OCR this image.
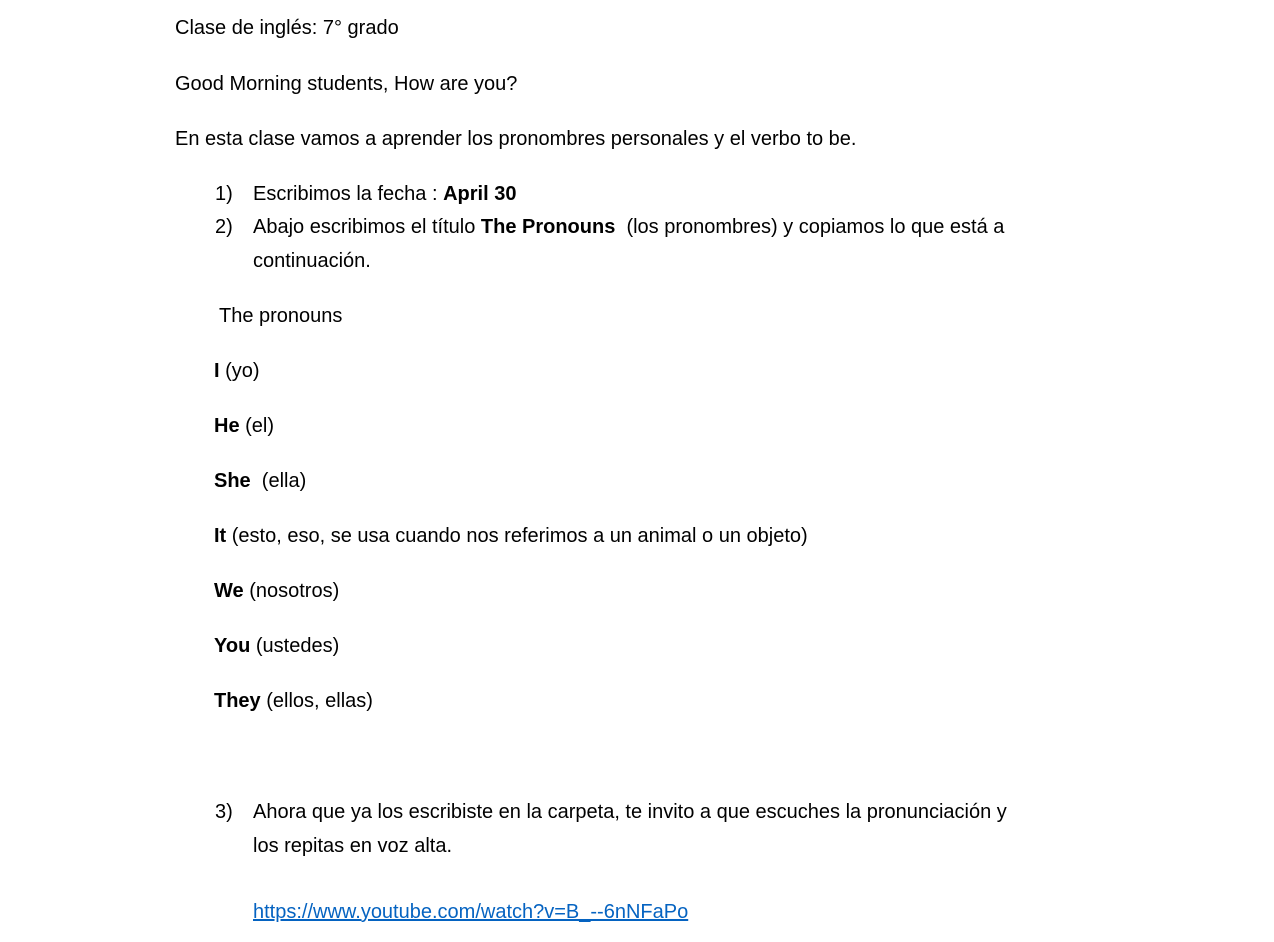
Clase de inglés: 7° grado
Good Morning students, How are you?
En esta clase vamos a aprender los pronombres personales y el verbo to be.
1) Escribimos la fecha : April 30
2) Abajo escribimos el título The Pronouns  (los pronombres) y copiamos lo que está a
continuación.
The pronouns
I (yo)
He (el)
She  (ella)
It (esto, eso, se usa cuando nos referimos a un animal o un objeto)
We (nosotros)
You (ustedes)
They (ellos, ellas)
3) Ahora que ya los escribiste en la carpeta, te invito a que escuches la pronunciación y
los repitas en voz alta.
https://www.youtube.com/watch?v=B_--6nNFaPo
